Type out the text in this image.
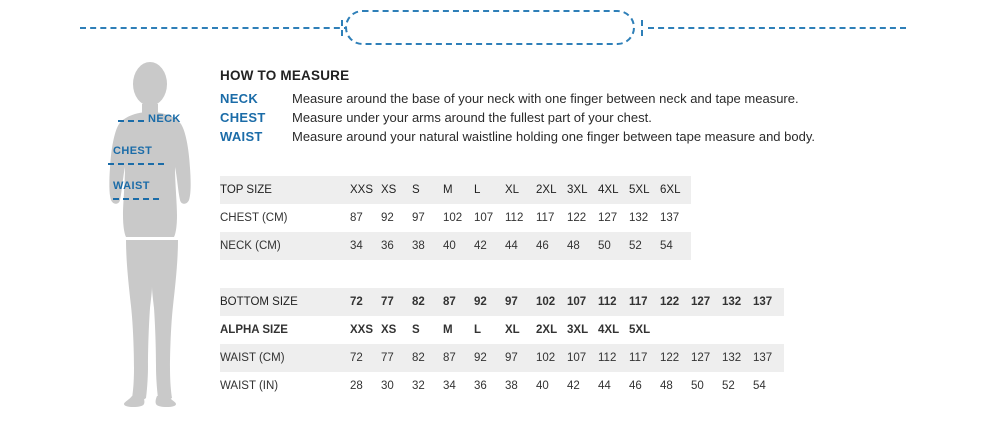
NECK
CHEST
WAIST
HOW TO MEASURE
NECK	Measure around the base of your neck with one finger between neck and tape measure.
CHEST	Measure under your arms around the fullest part of your chest.
WAIST	Measure around your natural waistline holding one finger between tape measure and body.
TOP SIZE	XXS	XS	S	M	L	XL	2XL	3XL	4XL	5XL	6XL
CHEST (CM)	87	92	97	102	107	112	117	122	127	132	137
NECK (CM)	34	36	38	40	42	44	46	48	50	52	54
BOTTOM SIZE	72	77	82	87	92	97	102	107	112	117	122	127	132	137
ALPHA SIZE	XXS	XS	S	M	L	XL	2XL	3XL	4XL	5XL				
WAIST (CM)	72	77	82	87	92	97	102	107	112	117	122	127	132	137
WAIST (IN)	28	30	32	34	36	38	40	42	44	46	48	50	52	54
